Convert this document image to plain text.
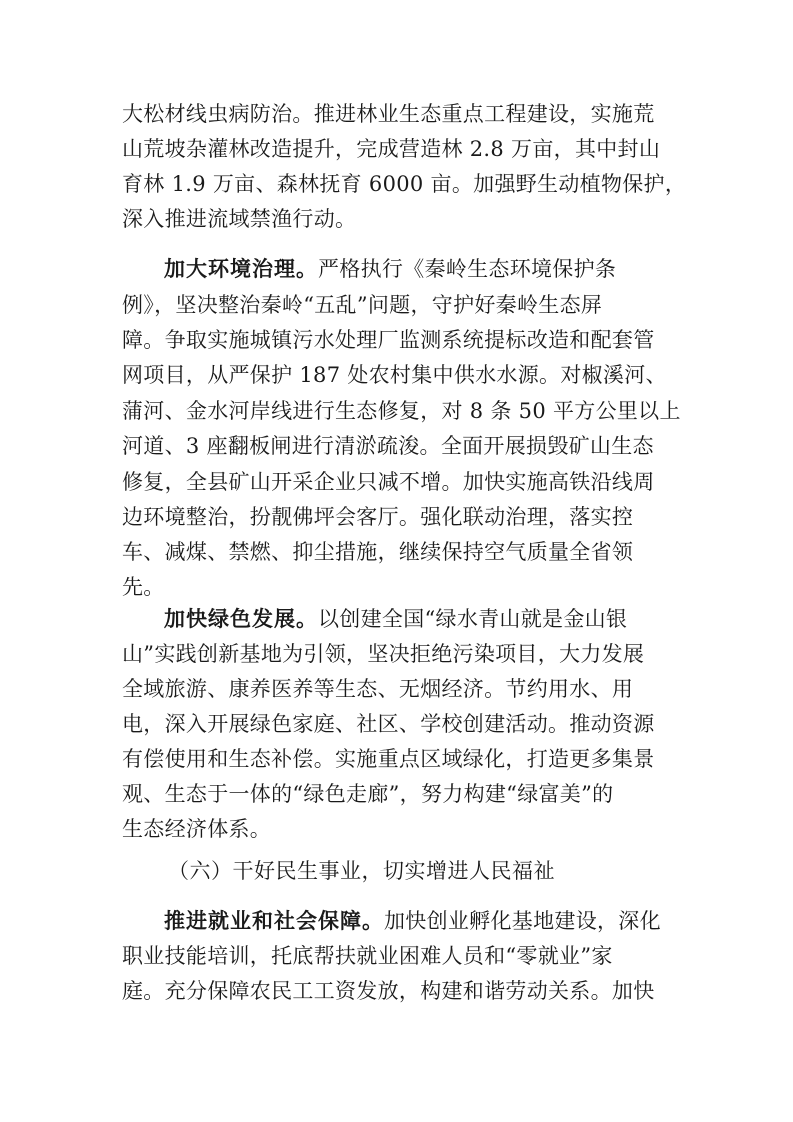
大松材线虫病防治。推进林业生态重点工程建设，实施荒
山荒坡杂灌林改造提升，完成营造林 2.8 万亩，其中封山
育林 1.9 万亩、森林抚育 6000 亩。加强野生动植物保护，
深入推进流域禁渔行动。
加大环境治理。严格执行《秦岭生态环境保护条
例》，坚决整治秦岭“五乱”问题，守护好秦岭生态屏
障。争取实施城镇污水处理厂监测系统提标改造和配套管
网项目，从严保护 187 处农村集中供水水源。对椒溪河、
蒲河、金水河岸线进行生态修复，对 8 条 50 平方公里以上
河道、3 座翻板闸进行清淤疏浚。全面开展损毁矿山生态
修复，全县矿山开采企业只减不增。加快实施高铁沿线周
边环境整治，扮靓佛坪会客厅。强化联动治理，落实控
车、减煤、禁燃、抑尘措施，继续保持空气质量全省领
先。
加快绿色发展。以创建全国“绿水青山就是金山银
山”实践创新基地为引领，坚决拒绝污染项目，大力发展
全域旅游、康养医养等生态、无烟经济。节约用水、用
电，深入开展绿色家庭、社区、学校创建活动。推动资源
有偿使用和生态补偿。实施重点区域绿化，打造更多集景
观、生态于一体的“绿色走廊”，努力构建“绿富美”的
生态经济体系。
（六）干好民生事业，切实增进人民福祉
推进就业和社会保障。加快创业孵化基地建设，深化
职业技能培训，托底帮扶就业困难人员和“零就业”家
庭。充分保障农民工工资发放，构建和谐劳动关系。加快
